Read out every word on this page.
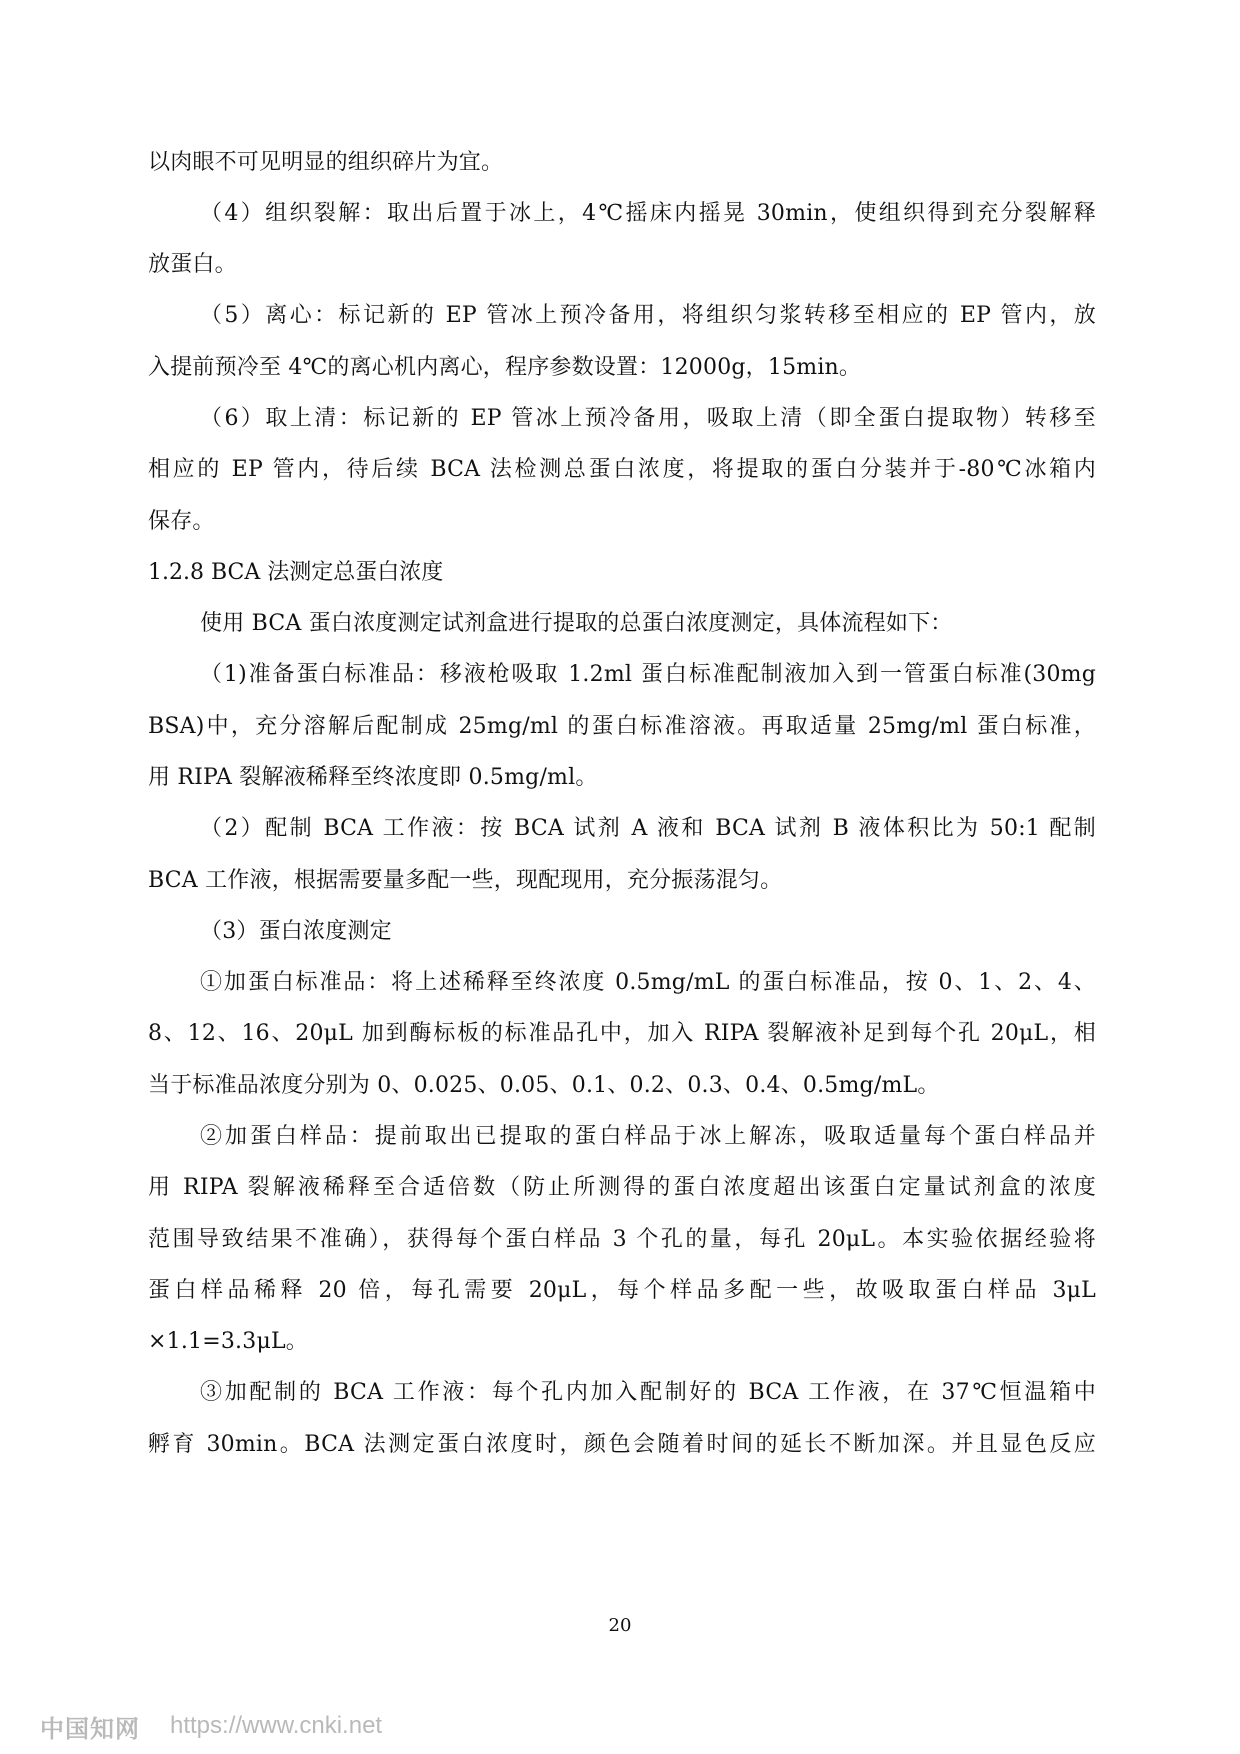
以肉眼不可见明显的组织碎片为宜。
（4）组织裂解：取出后置于冰上，4℃摇床内摇晃 30min，使组织得到充分裂解释
放蛋白。
（5）离心：标记新的 EP 管冰上预冷备用，将组织匀浆转移至相应的 EP 管内，放
入提前预冷至 4℃的离心机内离心，程序参数设置：12000g，15min。
（6）取上清：标记新的 EP 管冰上预冷备用，吸取上清（即全蛋白提取物）转移至
相应的 EP 管内，待后续 BCA 法检测总蛋白浓度，将提取的蛋白分装并于-80℃冰箱内
保存。
1.2.8 BCA 法测定总蛋白浓度
使用 BCA 蛋白浓度测定试剂盒进行提取的总蛋白浓度测定，具体流程如下：
（1)准备蛋白标准品：移液枪吸取 1.2ml 蛋白标准配制液加入到一管蛋白标准(30mg
BSA)中，充分溶解后配制成 25mg/ml 的蛋白标准溶液。再取适量 25mg/ml 蛋白标准，
用 RIPA 裂解液稀释至终浓度即 0.5mg/ml。
（2）配制 BCA 工作液：按 BCA 试剂 A 液和 BCA 试剂 B 液体积比为 50:1 配制
BCA 工作液，根据需要量多配一些，现配现用，充分振荡混匀。
（3）蛋白浓度测定
①加蛋白标准品：将上述稀释至终浓度 0.5mg/mL 的蛋白标准品，按 0、1、2、4、
8、12、16、20μL 加到酶标板的标准品孔中，加入 RIPA 裂解液补足到每个孔 20μL，相
当于标准品浓度分别为 0、0.025、0.05、0.1、0.2、0.3、0.4、0.5mg/mL。
②加蛋白样品：提前取出已提取的蛋白样品于冰上解冻，吸取适量每个蛋白样品并
用 RIPA 裂解液稀释至合适倍数（防止所测得的蛋白浓度超出该蛋白定量试剂盒的浓度
范围导致结果不准确），获得每个蛋白样品 3 个孔的量，每孔 20μL。本实验依据经验将
蛋白样品稀释 20 倍，每孔需要 20μL，每个样品多配一些，故吸取蛋白样品 3μL
×1.1=3.3μL。
③加配制的 BCA 工作液：每个孔内加入配制好的 BCA 工作液，在 37℃恒温箱中
孵育 30min。BCA 法测定蛋白浓度时，颜色会随着时间的延长不断加深。并且显色反应
20
中国知网 https://www.cnki.net
